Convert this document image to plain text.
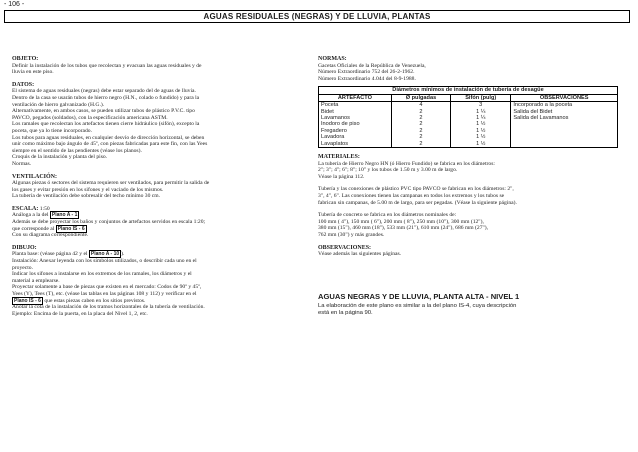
- 106 -
AGUAS RESIDUALES (NEGRAS) Y DE LLUVIA, PLANTAS

OBJETO:

Definir la instalación de los tubos que recolectan y evacuan las aguas residuales y de

lluvia en este piso.

DATOS:

El sistema de aguas residuales (negras) debe estar separado del de aguas de lluvia.

Dentro de la casa se usarán tubos de hierro negro (H.N., colado o fundido) y para la

ventilación de hierro galvanizado (H.G.).

Alternativamente, en ambos casos, se pueden utilizar tubos de plástico P.V.C. tipo

PAVCO, pegados (soldados), con la especificación americana ASTM.

Los ramales que recolectan los artefactos tienen cierre hidráulico (sifón), excepto la

poceta, que ya lo tiene incorporado.

Los tubos para aguas residuales, en cualquier desvío de dirección horizontal, se deben

unir como máximo bajo ángulo de 45º, con piezas fabricadas para este fin, con las Yees

siempre en el sentido de las pendientes (véase los planos).

Croquis de la instalación y planta del piso.

Normas.

VENTILACIÓN:

Algunas piezas ó sectores del sistema requieren ser ventilados, para permitir la salida de

los gases y evitar presión en los sifones y el vaciado de los mismos.

La tubería de ventilación debe sobresalir del techo mínimo 30 cm.

ESCALA: 1:50

Análoga a la del Plano A - 1

Además se debe proyectar los baños y conjuntos de artefactos servidos en escala 1:20;

que corresponde al Plano IS - 6

Con su diagrama correspondiente.

DIBUJO:

Planta base: (véase página 42 y el Plano A - 10 ).

Instalación: Anexar leyenda con los símbolos utilizados, o describir cada uno en el

proyecto.

Indicar los sifones a instalarse en los extremos de los ramales, los diámetros y el

material a emplearse.

Proyectar solamente a base de piezas que existen en el mercado: Codos de 90º y 45º,

Yees (Y), Tees (T), etc. (véase las tablas en las páginas 108 y 112) y verificar en el

Plano IS - 6 que estas piezas caben en los sitios previstos.

Anotar la cota de la instalación de los tramos horizontales de la tubería de ventilación.

Ejemplo: Encima de la puerta, en la placa del Nivel 1, 2, etc.

NORMAS:

Gacetas Oficiales de la República de Venezuela,

Número Extraordinario 752 del 26-2-1962.

Número Extraordinario 4.044 del 8-9-1988.

Diámetros mínimos de instalación de tubería de desagüe			
ARTEFACTO	Ø pulgadas	Sifón (pulg)	OBSERVACIONES
Poceta	4	3	Incorporado a la poceta
Bidet	2	1 ¼	Salida del Bidet
Lavamanos	2	1 ¼	Salida del Lavamanos
Inodoro de piso	2	1 ½	
Fregadero	2	1 ½	
Lavadora	2	1 ½	
Lavaplatos	2	1 ½	

MATERIALES:

La tubería de Hierro Negro HN (ó Hierro Fundido) se fabrica en los diámetros:

2"; 3"; 4"; 6"; 8"; 10" y los tubos de 1.50 m y 3.00 m de largo.

Véase la página 112.

Tubería y las conexiones de plástico PVC tipo PAVCO se fabrican en los diámetros: 2",

3", 4", 6". Las conexiones tienen las campanas en todos los extremos y los tubos se

fabrican sin campanas, de 5.00 m de largo, para ser pegadas. (Véase la siguiente página).

Tubería de concreto se fabrica en los diámetros nominales de:

100 mm ( 4"), 150 mm ( 6"), 200 mm ( 8"), 250 mm (10"), 300 mm (12"),

380 mm (15"), 460 mm (18"), 533 mm (21"), 610 mm (24"), 686 mm (27"),

762 mm (30") y más grandes.

OBSERVACIONES:

Véase además las siguientes páginas.

AGUAS NEGRAS Y DE LLUVIA, PLANTA ALTA - NIVEL 1

La elaboración de este plano es similar a la del plano IS-4, cuya descripción

está en la página 90.
